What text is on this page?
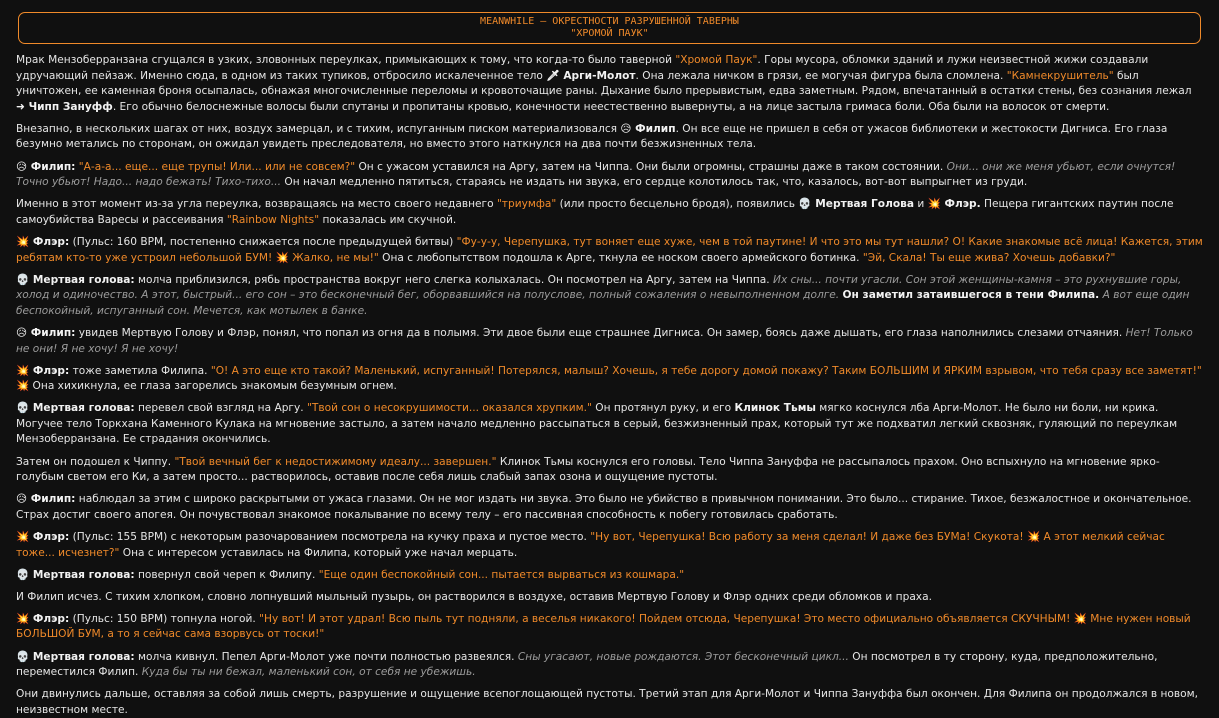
MEANWHILE – ОКРЕСТНОСТИ РАЗРУШЕННОЙ ТАВЕРНЫ
"ХРОМОЙ ПАУК"

Мрак Мензоберранзана сгущался в узких, зловонных переулках, примыкающих к тому, что когда-то было таверной "Хромой Паук". Горы мусора, обломки зданий и лужи неизвестной жижи создавали удручающий пейзаж. Именно сюда, в одном из таких тупиков, отбросило искалеченное тело 🗡 Арги-Молот. Она лежала ничком в грязи, ее могучая фигура была сломлена. "Камнекрушитель" был уничтожен, ее каменная броня осыпалась, обнажая многочисленные переломы и кровоточащие раны. Дыхание было прерывистым, едва заметным. Рядом, впечатанный в остатки стены, без сознания лежал ➜ Чипп Зануфф. Его обычно белоснежные волосы были спутаны и пропитаны кровью, конечности неестественно вывернуты, а на лице застыла гримаса боли. Оба были на волосок от смерти.

Внезапно, в нескольких шагах от них, воздух замерцал, и с тихим, испуганным писком материализовался 😥 Филип. Он все еще не пришел в себя от ужасов библиотеки и жестокости Дигниса. Его глаза безумно метались по сторонам, он ожидал увидеть преследователя, но вместо этого наткнулся на два почти безжизненных тела.

😥 Филип: "А-а-а... еще... еще трупы! Или... или не совсем?" Он с ужасом уставился на Аргу, затем на Чиппа. Они были огромны, страшны даже в таком состоянии. Они... они же меня убьют, если очнутся! Точно убьют! Надо... надо бежать! Тихо-тихо... Он начал медленно пятиться, стараясь не издать ни звука, его сердце колотилось так, что, казалось, вот-вот выпрыгнет из груди.

Именно в этот момент из-за угла переулка, возвращаясь на место своего недавнего "триумфа" (или просто бесцельно бродя), появились 💀 Мертвая Голова и 💥 Флэр. Пещера гигантских паутин после самоубийства Варесы и рассеивания "Rainbow Nights" показалась им скучной.

💥 Флэр: (Пульс: 160 BPM, постепенно снижается после предыдущей битвы) "Фу-у-у, Черепушка, тут воняет еще хуже, чем в той паутине! И что это мы тут нашли? О! Какие знакомые всё лица! Кажется, этим ребятам кто-то уже устроил небольшой БУМ! 💥 Жалко, не мы!" Она с любопытством подошла к Арге, ткнула ее носком своего армейского ботинка. "Эй, Скала! Ты еще жива? Хочешь добавки?"

💀 Мертвая голова: молча приблизился, рябь пространства вокруг него слегка колыхалась. Он посмотрел на Аргу, затем на Чиппа. Их сны... почти угасли. Сон этой женщины-камня – это рухнувшие горы, холод и одиночество. А этот, быстрый... его сон – это бесконечный бег, оборвавшийся на полуслове, полный сожаления о невыполненном долге. Он заметил затаившегося в тени Филипа. А вот еще один беспокойный, испуганный сон. Мечется, как мотылек в банке.

😥 Филип: увидев Мертвую Голову и Флэр, понял, что попал из огня да в полымя. Эти двое были еще страшнее Дигниса. Он замер, боясь даже дышать, его глаза наполнились слезами отчаяния. Нет! Только не они! Я не хочу! Я не хочу!

💥 Флэр: тоже заметила Филипа. "О! А это еще кто такой? Маленький, испуганный! Потерялся, малыш? Хочешь, я тебе дорогу домой покажу? Таким БОЛЬШИМ И ЯРКИМ взрывом, что тебя сразу все заметят!" 💥 Она хихикнула, ее глаза загорелись знакомым безумным огнем.

💀 Мертвая голова: перевел свой взгляд на Аргу. "Твой сон о несокрушимости... оказался хрупким." Он протянул руку, и его Клинок Тьмы мягко коснулся лба Арги-Молот. Не было ни боли, ни крика. Могучее тело Торкхана Каменного Кулака на мгновение застыло, а затем начало медленно рассыпаться в серый, безжизненный прах, который тут же подхватил легкий сквозняк, гуляющий по переулкам Мензоберранзана. Ее страдания окончились.

Затем он подошел к Чиппу. "Твой вечный бег к недостижимому идеалу... завершен." Клинок Тьмы коснулся его головы. Тело Чиппа Зануффа не рассыпалось прахом. Оно вспыхнуло на мгновение ярко-голубым светом его Ки, а затем просто... растворилось, оставив после себя лишь слабый запах озона и ощущение пустоты.

😥 Филип: наблюдал за этим с широко раскрытыми от ужаса глазами. Он не мог издать ни звука. Это было не убийство в привычном понимании. Это было... стирание. Тихое, безжалостное и окончательное. Страх достиг своего апогея. Он почувствовал знакомое покалывание по всему телу – его пассивная способность к побегу готовилась сработать.

💥 Флэр: (Пульс: 155 BPM) с некоторым разочарованием посмотрела на кучку праха и пустое место. "Ну вот, Черепушка! Всю работу за меня сделал! И даже без БУМа! Скукота! 💥 А этот мелкий сейчас тоже... исчезнет?" Она с интересом уставилась на Филипа, который уже начал мерцать.

💀 Мертвая голова: повернул свой череп к Филипу. "Еще один беспокойный сон... пытается вырваться из кошмара."

И Филип исчез. С тихим хлопком, словно лопнувший мыльный пузырь, он растворился в воздухе, оставив Мертвую Голову и Флэр одних среди обломков и праха.

💥 Флэр: (Пульс: 150 BPM) топнула ногой. "Ну вот! И этот удрал! Всю пыль тут подняли, а веселья никакого! Пойдем отсюда, Черепушка! Это место официально объявляется СКУЧНЫМ! 💥 Мне нужен новый БОЛЬШОЙ БУМ, а то я сейчас сама взорвусь от тоски!"

💀 Мертвая голова: молча кивнул. Пепел Арги-Молот уже почти полностью развеялся. Сны угасают, новые рождаются. Этот бесконечный цикл... Он посмотрел в ту сторону, куда, предположительно, переместился Филип. Куда бы ты ни бежал, маленький сон, от себя не убежишь.

Они двинулись дальше, оставляя за собой лишь смерть, разрушение и ощущение всепоглощающей пустоты. Третий этап для Арги-Молот и Чиппа Зануффа был окончен. Для Филипа он продолжался в новом, неизвестном месте.
